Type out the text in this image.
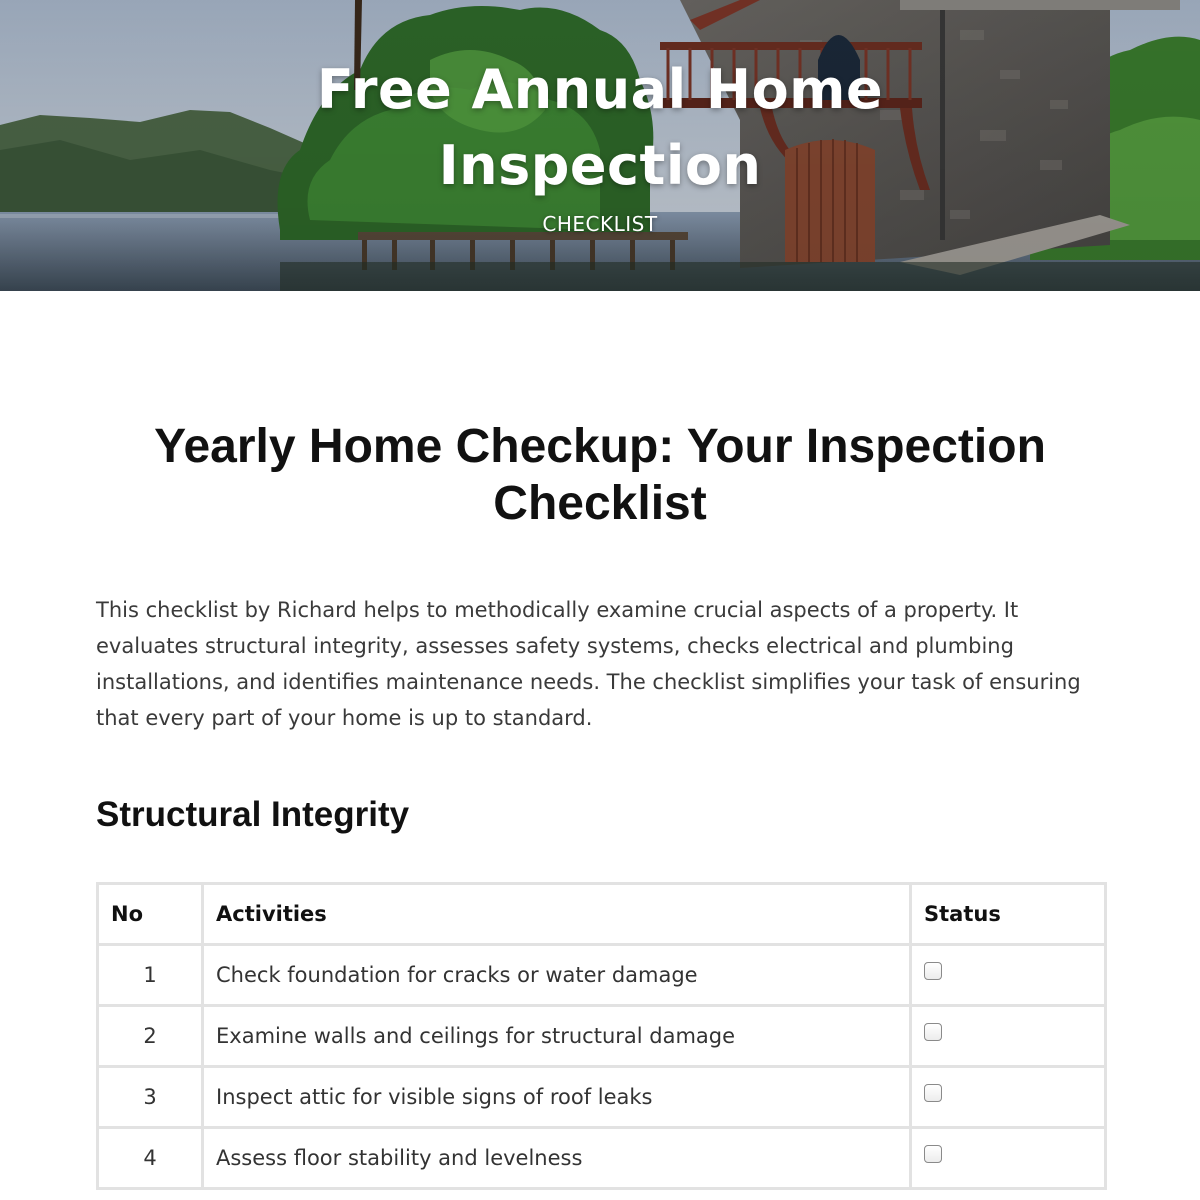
Free Annual Home
Inspection
CHECKLIST
Yearly Home Checkup: Your Inspection
Checklist

This checklist by Richard helps to methodically examine crucial aspects of a property. It evaluates structural integrity, assesses safety systems, checks electrical and plumbing installations, and identifies maintenance needs. The checklist simplifies your task of ensuring that every part of your home is up to standard.

Structural Integrity
No	Activities	Status
1	Check foundation for cracks or water damage	
2	Examine walls and ceilings for structural damage	
3	Inspect attic for visible signs of roof leaks	
4	Assess floor stability and levelness	
